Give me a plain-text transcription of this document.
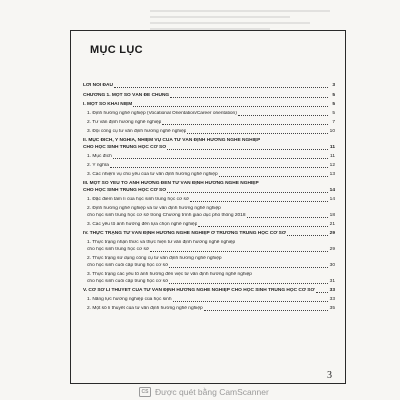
MỤC LỤC
LỜI NÓI ĐẦU	3
CHƯƠNG 1. MỘT SỐ VẤN ĐỀ CHUNG	5
I. MỘT SỐ KHÁI NIỆM	5
1. Định hướng nghề nghiệp (Vocational Orientation/Career orientation)	5
2. Tư vấn định hướng nghề nghiệp	7
3. Đội công cụ tư vấn định hướng nghề nghiệp	10
II. MỤC ĐÍCH, Ý NGHĨA, NHIỆM VỤ CỦA TƯ VẤN ĐỊNH HƯỚNG NGHỀ NGHIỆP
CHO HỌC SINH TRUNG HỌC CƠ SỞ	11
1. Mục đích	11
2. Ý nghĩa	12
3. Các nhiệm vụ chủ yếu của tư vấn định hướng nghề nghiệp	13
III. MỘT SỐ YẾU TỐ ẢNH HƯỞNG ĐẾN TƯ VẤN ĐỊNH HƯỚNG NGHỀ NGHIỆP
CHO HỌC SINH TRUNG HỌC CƠ SỞ	14
1. Đặc điểm tâm lí của học sinh trung học cơ sở	14
2. Định hướng nghề nghiệp và tư vấn định hướng nghề nghiệp
cho học sinh trung học cơ sở trong Chương trình giáo dục phổ thông 2018	18
3. Các yếu tố ảnh hưởng đến lựa chọn nghề nghiệp	21
IV. THỰC TRẠNG TƯ VẤN ĐỊNH HƯỚNG NGHỀ NGHIỆP Ở TRƯỜNG TRUNG HỌC CƠ SỞ	29
1. Thực trạng nhận thức và thực hiện tư vấn định hướng nghề nghiệp
cho học sinh trung học cơ sở	29
2. Thực trạng sử dụng công cụ tư vấn định hướng nghề nghiệp
cho học sinh cuối cấp trung học cơ sở	30
3. Thực trạng các yếu tố ảnh hưởng đến việc tư vấn định hướng nghề nghiệp
cho học sinh cuối cấp trung học cơ sở	31
V. CƠ SỞ LÍ THUYẾT CỦA TƯ VẤN ĐỊNH HƯỚNG NGHỀ NGHIỆP CHO HỌC SINH TRUNG HỌC CƠ SỞ	33
1. Năng lực hướng nghiệp của học sinh	33
2. Một số lí thuyết của tư vấn định hướng nghề nghiệp	35
3
CS Được quét bằng CamScanner
